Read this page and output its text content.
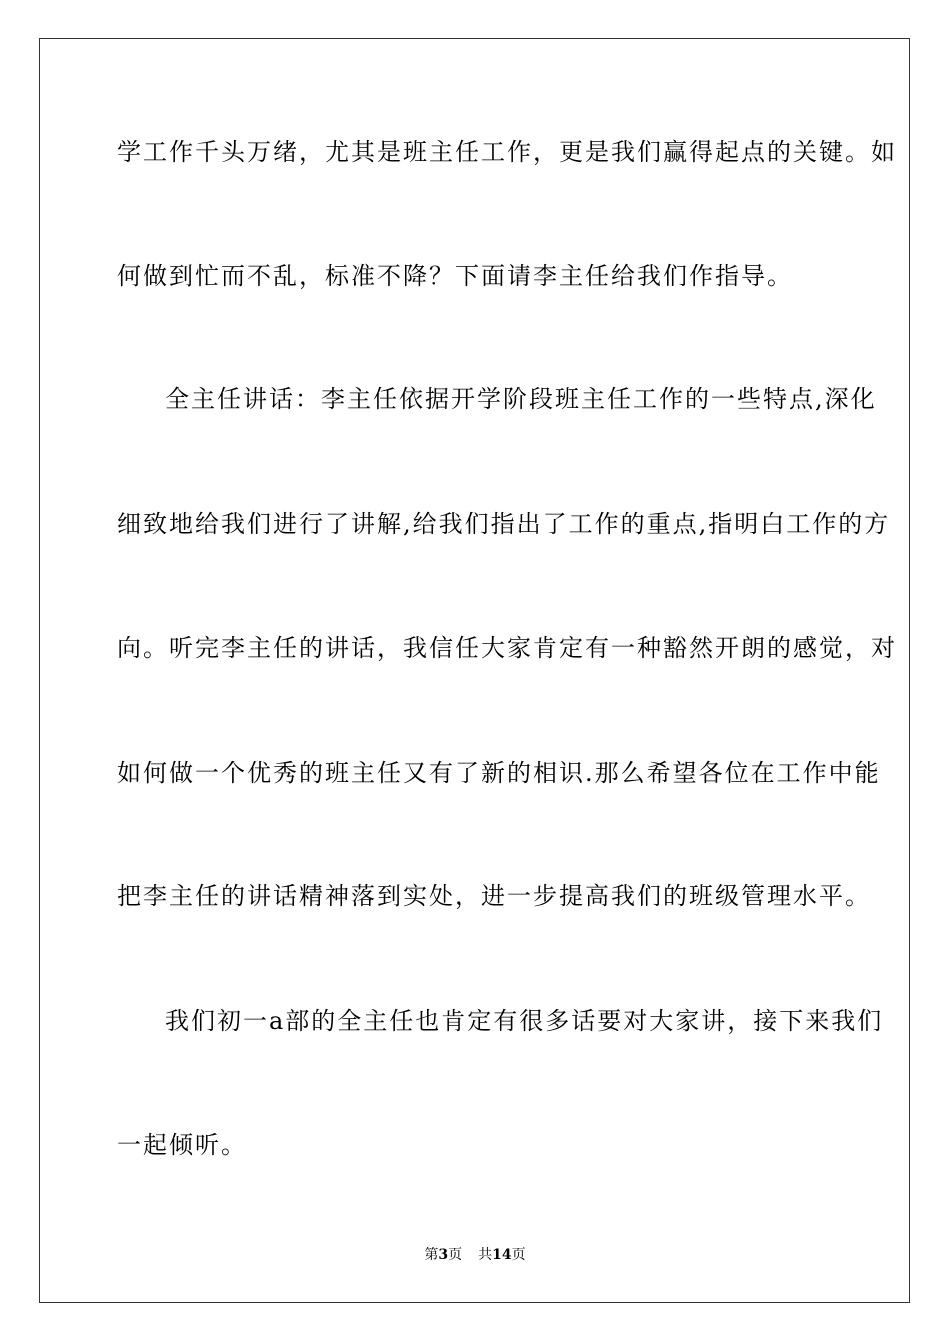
学工作千头万绪，尤其是班主任工作，更是我们赢得起点的关键。如
何做到忙而不乱，标准不降？下面请李主任给我们作指导。
全主任讲话：李主任依据开学阶段班主任工作的一些特点,深化
细致地给我们进行了讲解,给我们指出了工作的重点,指明白工作的方
向。听完李主任的讲话，我信任大家肯定有一种豁然开朗的感觉，对
如何做一个优秀的班主任又有了新的相识.那么希望各位在工作中能
把李主任的讲话精神落到实处，进一步提高我们的班级管理水平。
我们初一a部的全主任也肯定有很多话要对大家讲，接下来我们
一起倾听。
第3页 共14页
